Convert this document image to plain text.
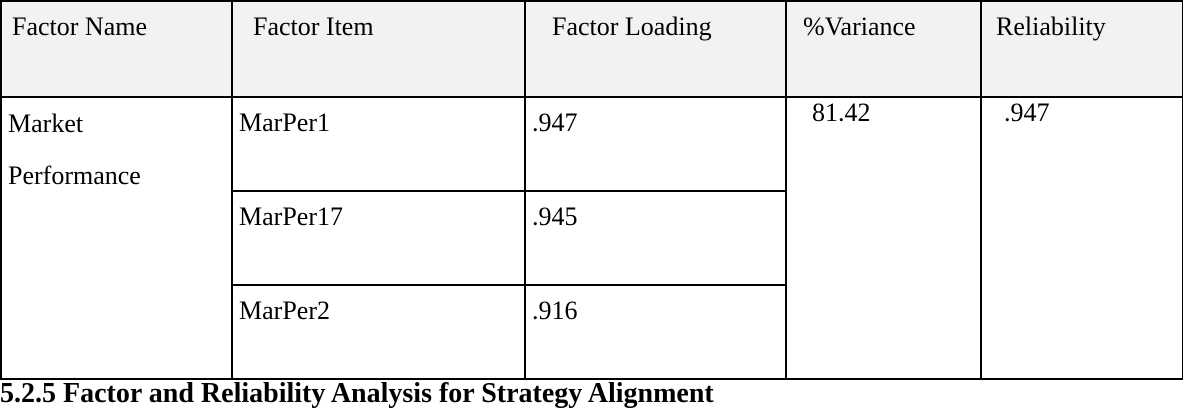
Factor Name	Factor Item	Factor Loading	%Variance	Reliability

Market
Performance	MarPer1	.947	81.42	.947

	MarPer17	.945		

	MarPer2	.916		
5.2.5 Factor and Reliability Analysis for Strategy Alignment
